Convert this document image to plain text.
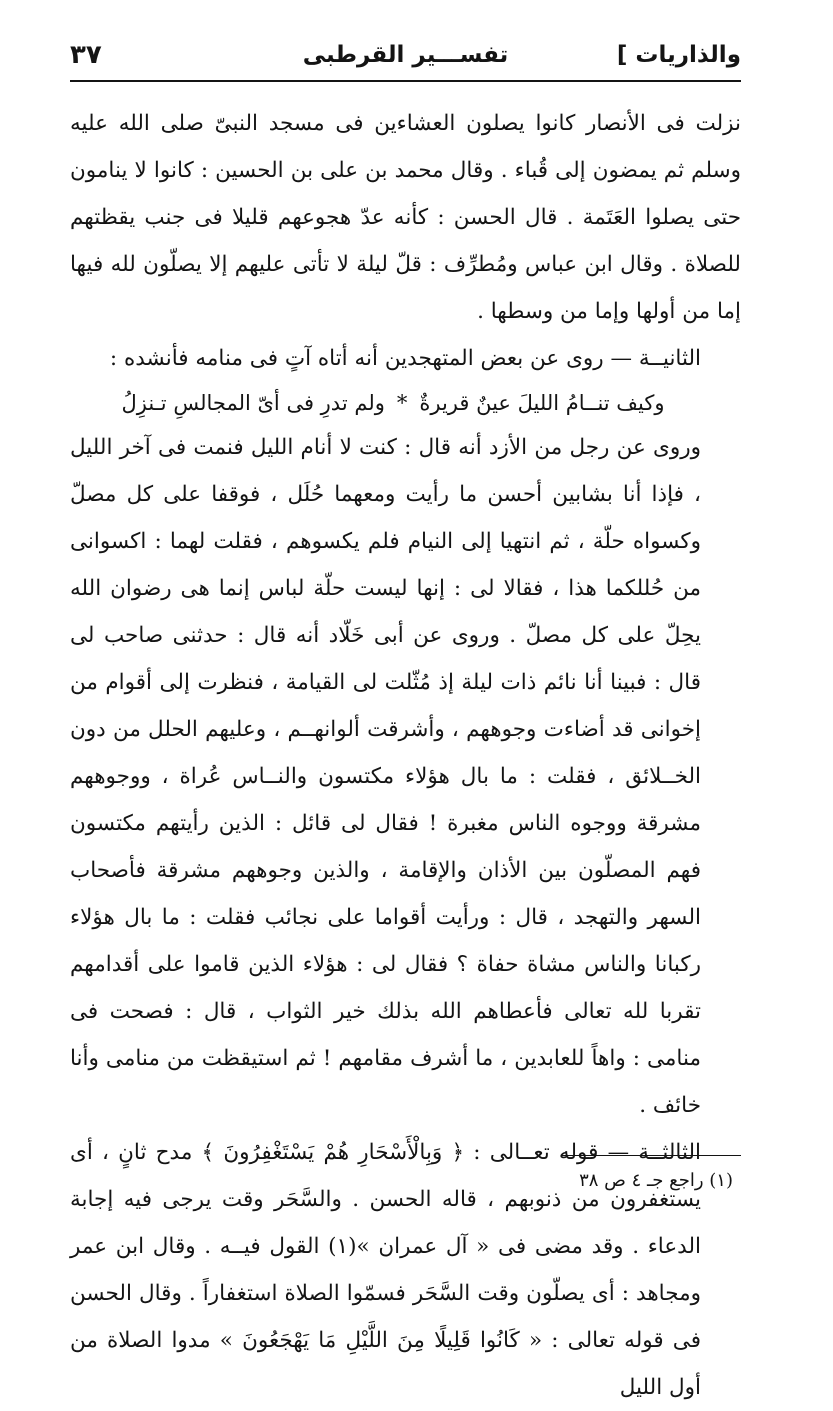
والذاريات ]
تفســـير القرطبى
٣٧

نزلت فى الأنصار كانوا يصلون العشاءين فى مسجد النبىّ صلى الله عليه وسلم ثم يمضون إلى قُباء . وقال محمد بن على بن الحسين : كانوا لا ينامون حتى يصلوا العَتَمة . قال الحسن : كأنه عدّ هجوعهم قليلا فى جنب يقظتهم للصلاة . وقال ابن عباس ومُطرِّف : قلّ ليلة لا تأتى عليهم إلا يصلّون لله فيها إما من أولها وإما من وسطها .

الثانيــة — روى عن بعض المتهجدين أنه أتاه آتٍ فى منامه فأنشده :

وكيف تنــامُ الليلَ عينٌ قريرةٌ*ولم تدرِ فى أىّ المجالسِ تـنزِلُ

وروى عن رجل من الأزد أنه قال : كنت لا أنام الليل فنمت فى آخر الليل ، فإذا أنا بشابين أحسن ما رأيت ومعهما حُلَل ، فوقفا على كل مصلّ وكسواه حلّة ، ثم انتهيا إلى النيام فلم يكسوهم ، فقلت لهما : اكسوانى من حُللكما هذا ، فقالا لى : إنها ليست حلّة لباس إنما هى رضوان الله يحِلّ على كل مصلّ . وروى عن أبى خَلّاد أنه قال : حدثنى صاحب لى قال : فبينا أنا نائم ذات ليلة إذ مُثّلت لى القيامة ، فنظرت إلى أقوام من إخوانى قد أضاءت وجوههم ، وأشرقت ألوانهــم ، وعليهم الحلل من دون الخــلائق ، فقلت : ما بال هؤلاء مكتسون والنــاس عُراة ، ووجوههم مشرقة ووجوه الناس مغبرة ! فقال لى قائل : الذين رأيتهم مكتسون فهم المصلّون بين الأذان والإقامة ، والذين وجوههم مشرقة فأصحاب السهر والتهجد ، قال : ورأيت أقواما على نجائب فقلت : ما بال هؤلاء ركبانا والناس مشاة حفاة ؟ فقال لى : هؤلاء الذين قاموا على أقدامهم تقربا لله تعالى فأعطاهم الله بذلك خير الثواب ، قال : فصحت فى منامى : واهاً للعابدين ، ما أشرف مقامهم ! ثم استيقظت من منامى وأنا خائف .

الثالثــة — قوله تعــالى : ﴿ وَبِالْأَسْحَارِ هُمْ يَسْتَغْفِرُونَ ﴾ مدح ثانٍ ، أى يستغفرون من ذنوبهم ، قاله الحسن . والسَّحَر وقت يرجى فيه إجابة الدعاء . وقد مضى فى « آل عمران »(١) القول فيــه . وقال ابن عمر ومجاهد : أى يصلّون وقت السَّحَر فسمّوا الصلاة استغفاراً . وقال الحسن فى قوله تعالى : « كَانُوا قَلِيلًا مِنَ اللَّيْلِ مَا يَهْجَعُونَ » مدوا الصلاة من أول الليل

(١) راجع جـ ٤ ص ٣٨
